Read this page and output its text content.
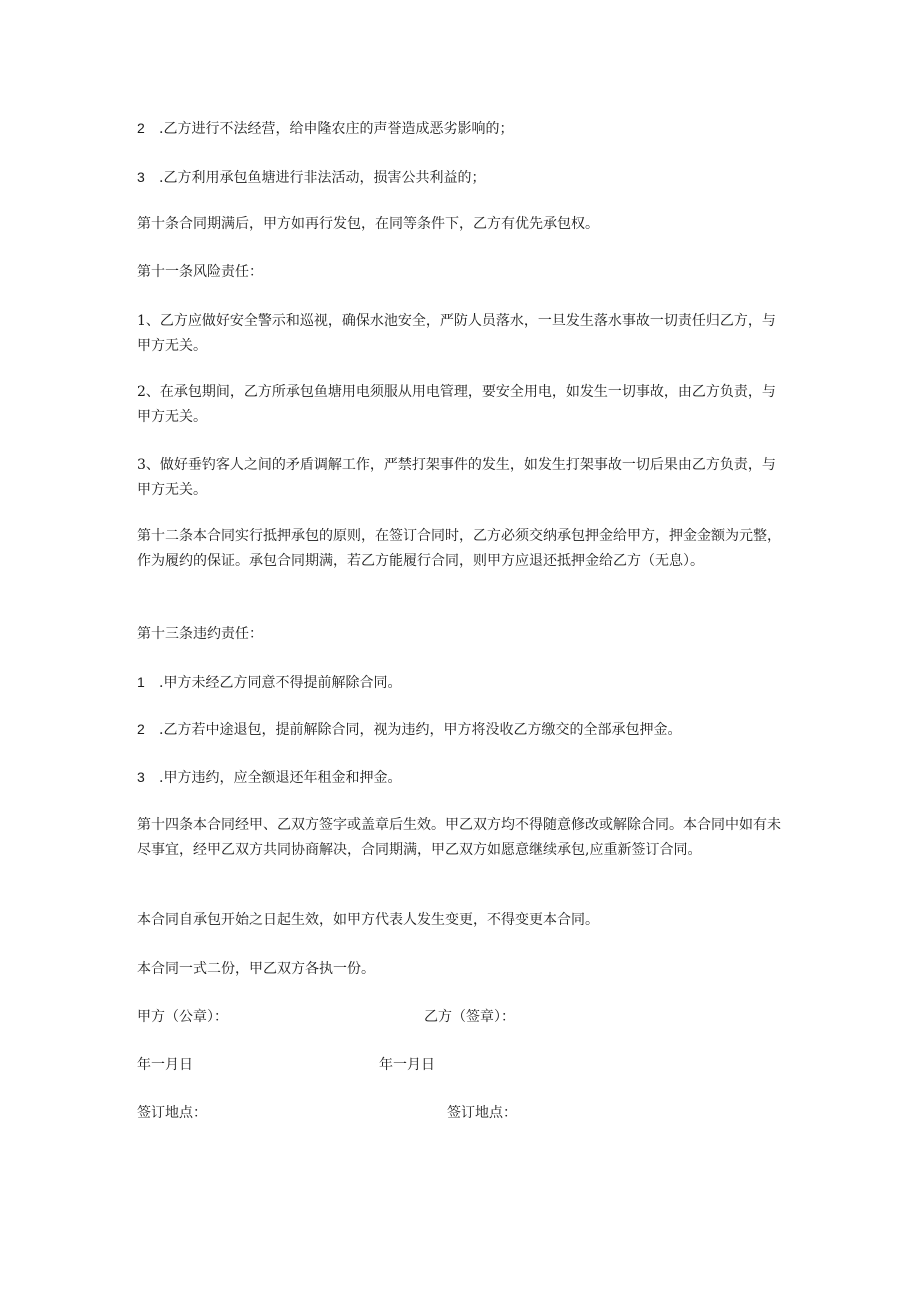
2 .乙方进行不法经营，给申隆农庄的声誉造成恶劣影响的；

3 .乙方利用承包鱼塘进行非法活动，损害公共利益的；

第十条合同期满后，甲方如再行发包，在同等条件下，乙方有优先承包权。

第十一条风险责任：

1、乙方应做好安全警示和巡视，确保水池安全，严防人员落水，一旦发生落水事故一切责任归乙方，与甲方无关。

2、在承包期间，乙方所承包鱼塘用电须服从用电管理，要安全用电，如发生一切事故，由乙方负责，与甲方无关。

3、做好垂钓客人之间的矛盾调解工作，严禁打架事件的发生，如发生打架事故一切后果由乙方负责，与甲方无关。

第十二条本合同实行抵押承包的原则，在签订合同时，乙方必须交纳承包押金给甲方，押金金额为元整，作为履约的保证。承包合同期满，若乙方能履行合同，则甲方应退还抵押金给乙方（无息）。

第十三条违约责任：

1 .甲方未经乙方同意不得提前解除合同。

2 .乙方若中途退包，提前解除合同，视为违约，甲方将没收乙方缴交的全部承包押金。

3 .甲方违约，应全额退还年租金和押金。

第十四条本合同经甲、乙双方签字或盖章后生效。甲乙双方均不得随意修改或解除合同。本合同中如有未尽事宜，经甲乙双方共同协商解决，合同期满，甲乙双方如愿意继续承包,应重新签订合同。

本合同自承包开始之日起生效，如甲方代表人发生变更，不得变更本合同。

本合同一式二份，甲乙双方各执一份。

甲方（公章）：	乙方（签章）：
年一月日	年一月日
签订地点：	签订地点：
